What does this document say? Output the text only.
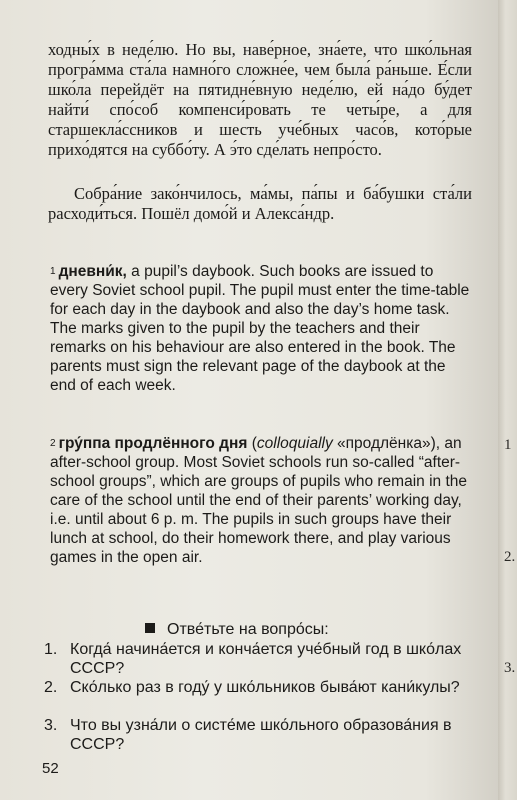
ходны́х в неде́лю. Но вы, наве́рное, зна́ете, что шко́льная програ́мма ста́ла намно́го сложне́е, чем была́ ра́ньше. Е́сли шко́ла перейдёт на пятидне́вную неде́лю, ей на́до бу́дет найти́ спо́соб компенси́ровать те четы́ре, а для старшекла́ссников и шесть уче́бных часо́в, кото́рые прихо́дятся на суббо́ту. А э́то сде́лать непро́сто.

Собра́ние зако́нчилось, ма́мы, па́пы и ба́бушки ста́ли расходи́ться. Пошёл домо́й и Алекса́ндр.

$^1$ дневни́к, a pupil’s daybook. Such books are issued to every Soviet school pupil. The pupil must enter the time-table for each day in the daybook and also the day’s home task. The marks given to the pupil by the teachers and their remarks on his behaviour are also entered in the book. The parents must sign the relevant page of the daybook at the end of each week.
$^2$ гру́ппа продлённого дня (colloquially «продлёнка»), an after-school group. Most Soviet schools run so-called “after-school groups”, which are groups of pupils who remain in the care of the school until the end of their parents’ working day, i.e. until about 6 p. m. The pupils in such groups have their lunch at school, do their homework there, and play various games in the open air.
Отве́тьте на вопро́сы:
1. Когда́ начина́ется и конча́ется уче́бный год в шко́лах СССР?
2. Ско́лько раз в году́ у шко́льников быва́ют кани́кулы?
3. Что вы узна́ли о систе́ме шко́льного образова́ния в СССР?
52
1
2.
3.
